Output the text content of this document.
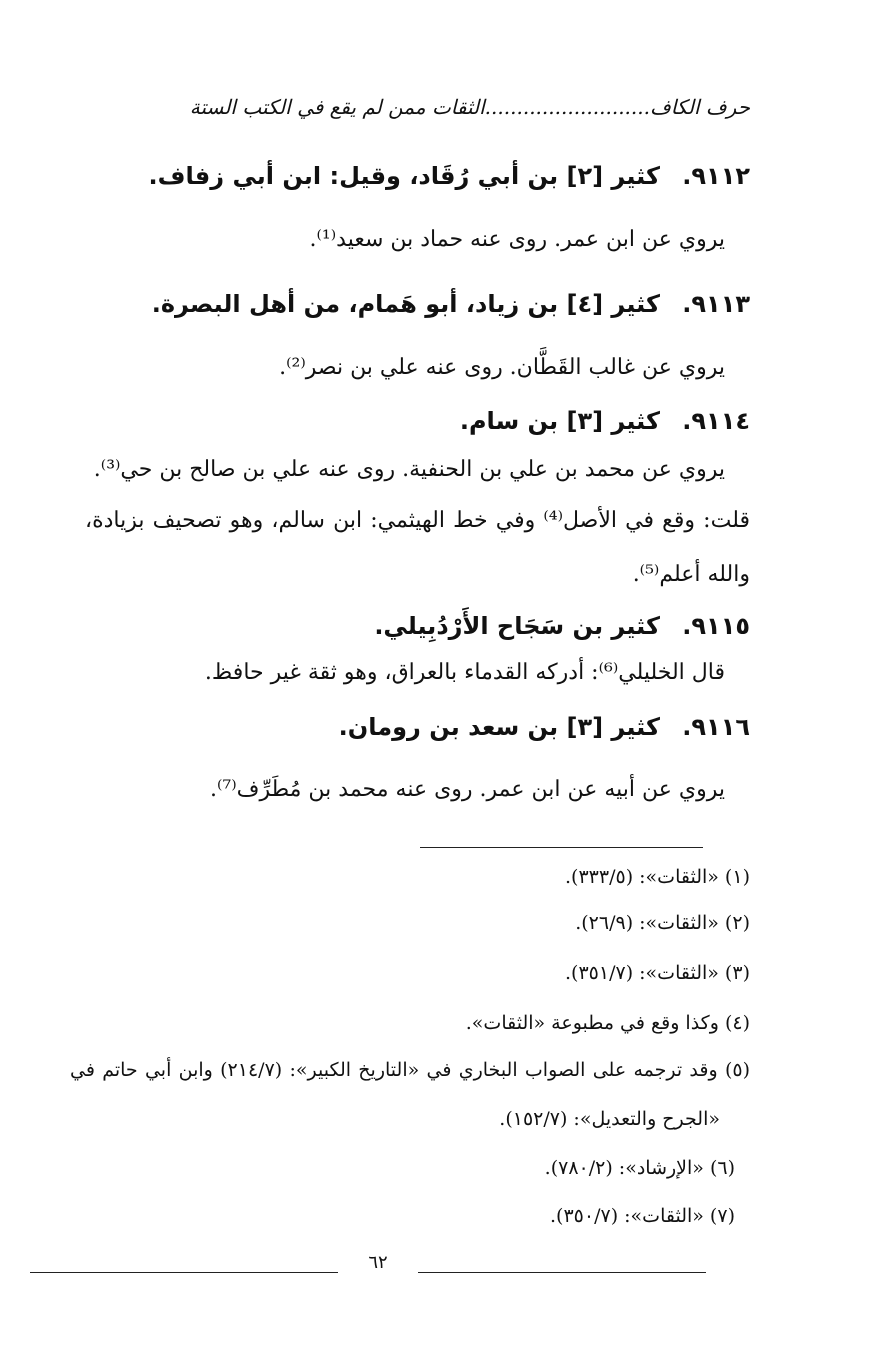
حرف الكاف..........................الثقات ممن لم يقع في الكتب الستة
٩١١٢. كثير [٢] بن أبي رُقَاد، وقيل: ابن أبي زفاف.
يروي عن ابن عمر. روى عنه حماد بن سعيد⁽¹⁾.
٩١١٣. كثير [٤] بن زياد، أبو هَمام، من أهل البصرة.
يروي عن غالب القَطَّان. روى عنه علي بن نصر⁽²⁾.
٩١١٤. كثير [٣] بن سام.
يروي عن محمد بن علي بن الحنفية. روى عنه علي بن صالح بن حي⁽³⁾.
قلت: وقع في الأصل⁽⁴⁾ وفي خط الهيثمي: ابن سالم، وهو تصحيف بزيادة،
والله أعلم⁽⁵⁾.
٩١١٥. كثير بن سَجَاح الأَرْدُبِيلي.
قال الخليلي⁽⁶⁾: أدركه القدماء بالعراق، وهو ثقة غير حافظ.
٩١١٦. كثير [٣] بن سعد بن رومان.
يروي عن أبيه عن ابن عمر. روى عنه محمد بن مُطَرِّف⁽⁷⁾.
(١) «الثقات»: (٣٣٣/٥).
(٢) «الثقات»: (٢٦/٩).
(٣) «الثقات»: (٣٥١/٧).
(٤) وكذا وقع في مطبوعة «الثقات».
(٥) وقد ترجمه على الصواب البخاري في «التاريخ الكبير»: (٢١٤/٧) وابن أبي حاتم في
«الجرح والتعديل»: (١٥٢/٧).
(٦) «الإرشاد»: (٧٨٠/٢).
(٧) «الثقات»: (٣٥٠/٧).
٦٢
